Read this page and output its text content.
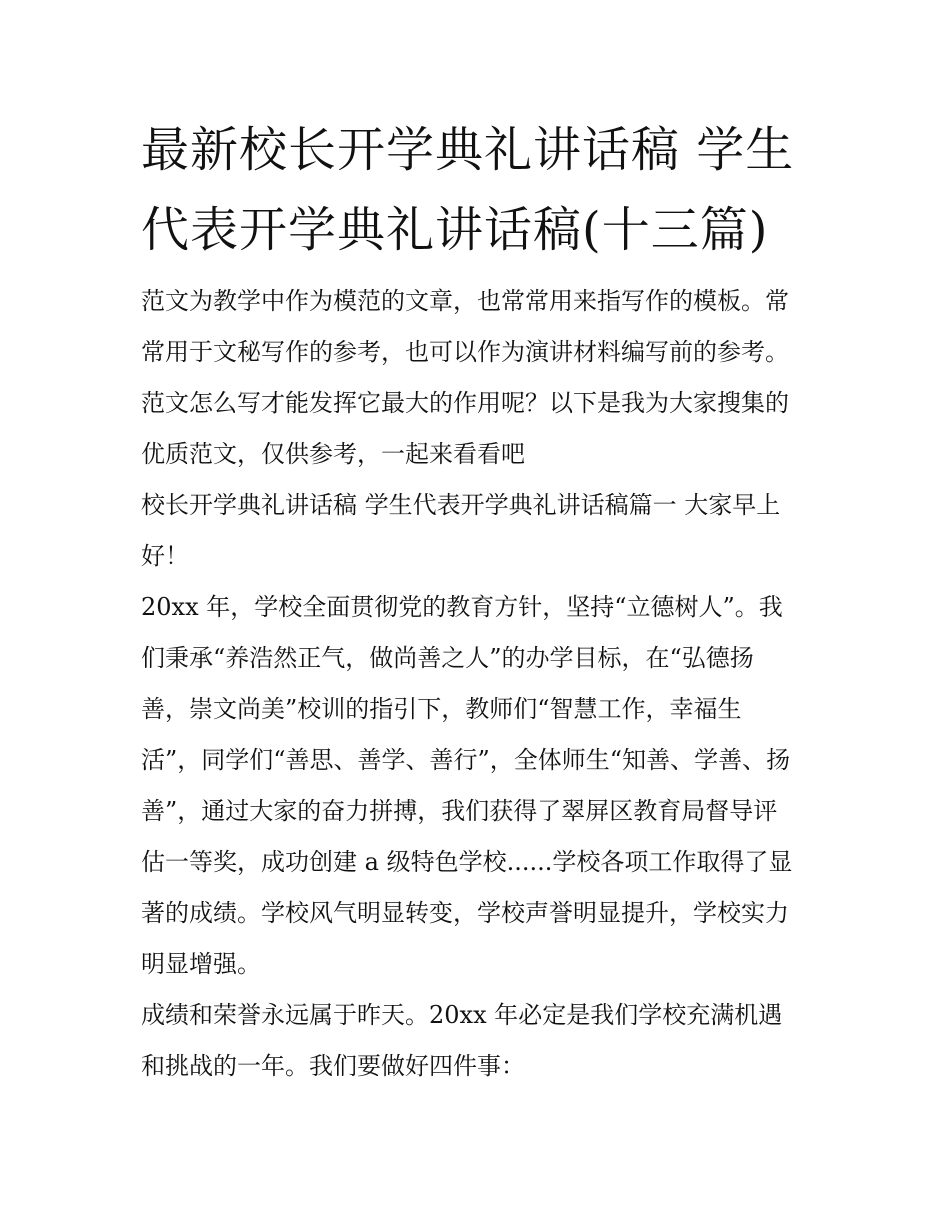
最新校长开学典礼讲话稿 学生
代表开学典礼讲话稿(十三篇)
范文为教学中作为模范的文章，也常常用来指写作的模板。常
常用于文秘写作的参考，也可以作为演讲材料编写前的参考。
范文怎么写才能发挥它最大的作用呢？以下是我为大家搜集的
优质范文，仅供参考，一起来看看吧
校长开学典礼讲话稿 学生代表开学典礼讲话稿篇一 大家早上
好！
20xx 年，学校全面贯彻党的教育方针，坚持“立德树人”。我
们秉承“养浩然正气，做尚善之人”的办学目标，在“弘德扬
善，崇文尚美”校训的指引下，教师们“智慧工作，幸福生
活”，同学们“善思、善学、善行”，全体师生“知善、学善、扬
善”，通过大家的奋力拼搏，我们获得了翠屏区教育局督导评
估一等奖，成功创建 a 级特色学校......学校各项工作取得了显
著的成绩。学校风气明显转变，学校声誉明显提升，学校实力
明显增强。
成绩和荣誉永远属于昨天。20xx 年必定是我们学校充满机遇
和挑战的一年。我们要做好四件事：
